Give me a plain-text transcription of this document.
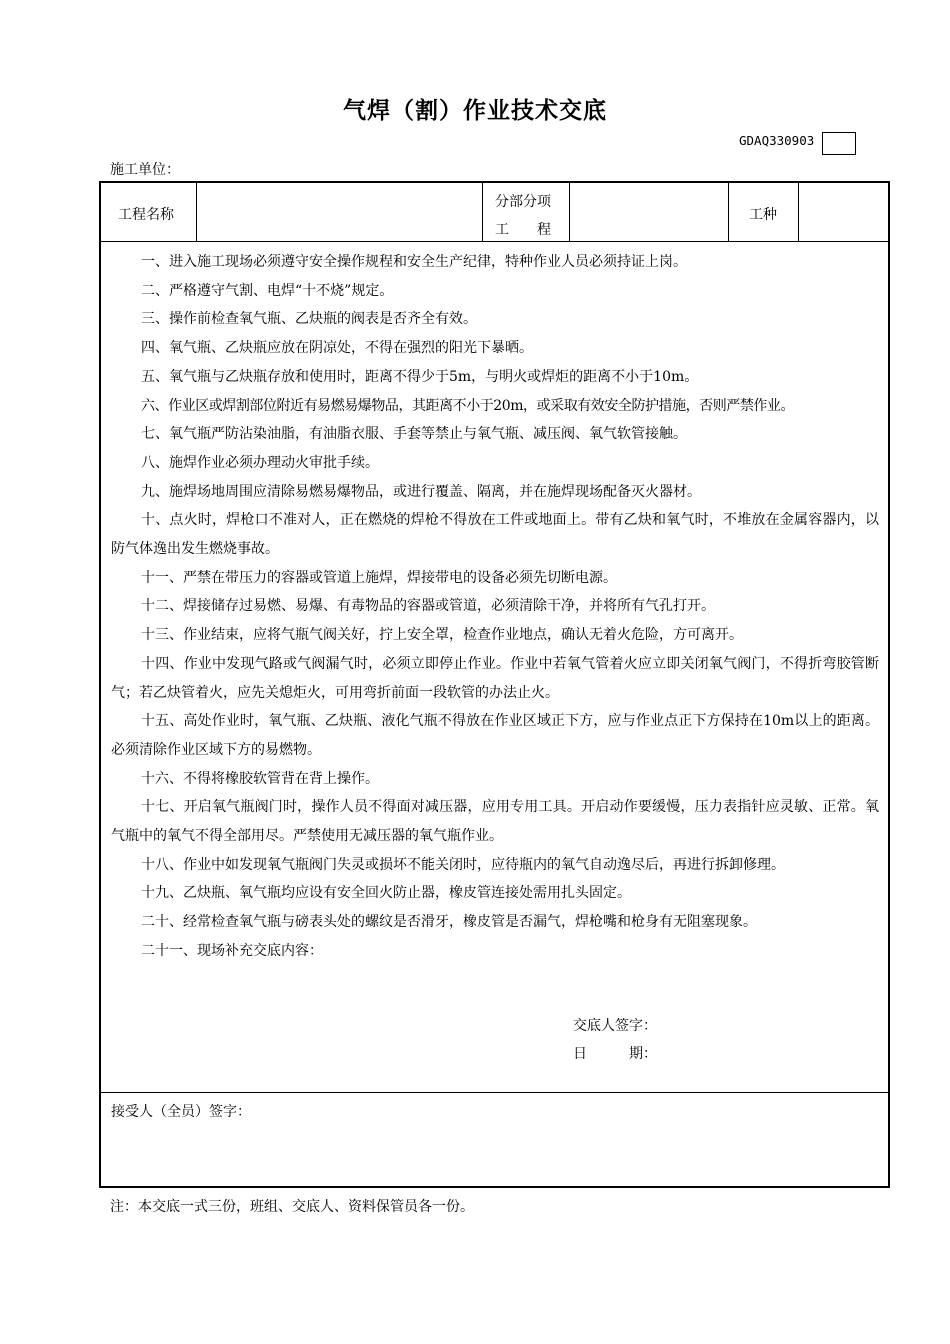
气焊（割）作业技术交底
GDAQ330903
施工单位：
工程名称
分部分项
工　　程
工种
一、进入施工现场必须遵守安全操作规程和安全生产纪律，特种作业人员必须持证上岗。
二、严格遵守气割、电焊“十不烧”规定。
三、操作前检查氧气瓶、乙炔瓶的阀表是否齐全有效。
四、氧气瓶、乙炔瓶应放在阴凉处，不得在强烈的阳光下暴晒。
五、氧气瓶与乙炔瓶存放和使用时，距离不得少于5m，与明火或焊炬的距离不小于10m。
六、作业区或焊割部位附近有易燃易爆物品，其距离不小于20m，或采取有效安全防护措施，否则严禁作业。
七、氧气瓶严防沾染油脂，有油脂衣服、手套等禁止与氧气瓶、减压阀、氧气软管接触。
八、施焊作业必须办理动火审批手续。
九、施焊场地周围应清除易燃易爆物品，或进行覆盖、隔离，并在施焊现场配备灭火器材。
十、点火时，焊枪口不准对人，正在燃烧的焊枪不得放在工件或地面上。带有乙炔和氧气时，不堆放在金属容器内，以防气体逸出发生燃烧事故。
十一、严禁在带压力的容器或管道上施焊，焊接带电的设备必须先切断电源。
十二、焊接储存过易燃、易爆、有毒物品的容器或管道，必须清除干净，并将所有气孔打开。
十三、作业结束，应将气瓶气阀关好，拧上安全罩，检查作业地点，确认无着火危险，方可离开。
十四、作业中发现气路或气阀漏气时，必须立即停止作业。作业中若氧气管着火应立即关闭氧气阀门，不得折弯胶管断气；若乙炔管着火，应先关熄炬火，可用弯折前面一段软管的办法止火。
十五、高处作业时，氧气瓶、乙炔瓶、液化气瓶不得放在作业区域正下方，应与作业点正下方保持在10m以上的距离。必须清除作业区域下方的易燃物。
十六、不得将橡胶软管背在背上操作。
十七、开启氧气瓶阀门时，操作人员不得面对减压器，应用专用工具。开启动作要缓慢，压力表指针应灵敏、正常。氧气瓶中的氧气不得全部用尽。严禁使用无减压器的氧气瓶作业。
十八、作业中如发现氧气瓶阀门失灵或损坏不能关闭时，应待瓶内的氧气自动逸尽后，再进行拆卸修理。
十九、乙炔瓶、氧气瓶均应设有安全回火防止器，橡皮管连接处需用扎头固定。
二十、经常检查氧气瓶与磅表头处的螺纹是否滑牙，橡皮管是否漏气，焊枪嘴和枪身有无阻塞现象。
二十一、现场补充交底内容：
交底人签字：
日　　　期：
接受人（全员）签字：
注：本交底一式三份，班组、交底人、资料保管员各一份。
